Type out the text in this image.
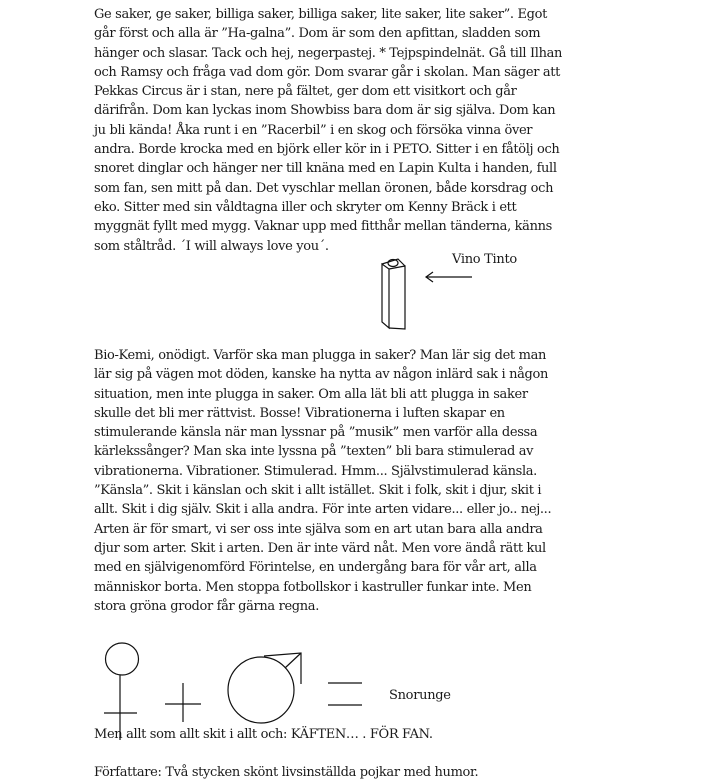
Ge saker, ge saker, billiga saker, billiga saker, lite saker, lite saker”. Egot går först och alla är ”Ha-galna”. Dom är som den apfittan, sladden som hänger och slasar. Tack och hej, negerpastej. * Tejpspindelnät. Gå till Ilhan och Ramsy och fråga vad dom gör. Dom svarar går i skolan. Man säger att Pekkas Circus är i stan, nere på fältet, ger dom ett visitkort och går därifrån. Dom kan lyckas inom Showbiss bara dom är sig själva. Dom kan ju bli kända! Åka runt i en ”Racerbil” i en skog och försöka vinna över andra. Borde krocka med en björk eller kör in i PETO. Sitter i en fåtölj och snoret dinglar och hänger ner till knäna med en Lapin Kulta i handen, full som fan, sen mitt på dan. Det vyschlar mellan öronen, både korsdrag och eko. Sitter med sin våldtagna iller och skryter om Kenny Bräck i ett myggnät fyllt med mygg. Vaknar upp med fitthår mellan tänderna, känns som ståltråd. ´I will always love you´.

Vino Tinto

Bio-Kemi, onödigt. Varför ska man plugga in saker? Man lär sig det man lär sig på vägen mot döden, kanske ha nytta av någon inlärd sak i någon situation, men inte plugga in saker. Om alla lät bli att plugga in saker skulle det bli mer rättvist. Bosse! Vibrationerna i luften skapar en stimulerande känsla när man lyssnar på ”musik” men varför alla dessa kärlekssånger? Man ska inte lyssna på ”texten” bli bara stimulerad av vibrationerna. Vibrationer. Stimulerad. Hmm... Självstimulerad känsla. ”Känsla”. Skit i känslan och skit i allt istället. Skit i folk, skit i djur, skit i allt. Skit i dig själv. Skit i alla andra. För inte arten vidare... eller jo.. nej... Arten är för smart, vi ser oss inte själva som en art utan bara alla andra djur som arter. Skit i arten. Den är inte värd nåt. Men vore ändå rätt kul med en självigenomförd Förintelse, en undergång bara för vår art, alla människor borta. Men stoppa fotbollskor i kastruller funkar inte. Men stora gröna grodor får gärna regna.

Snorunge

Men allt som allt skit i allt och: KÄFTEN… . FÖR FAN.

Författare: Två stycken skönt livsinställda pojkar med humor.
